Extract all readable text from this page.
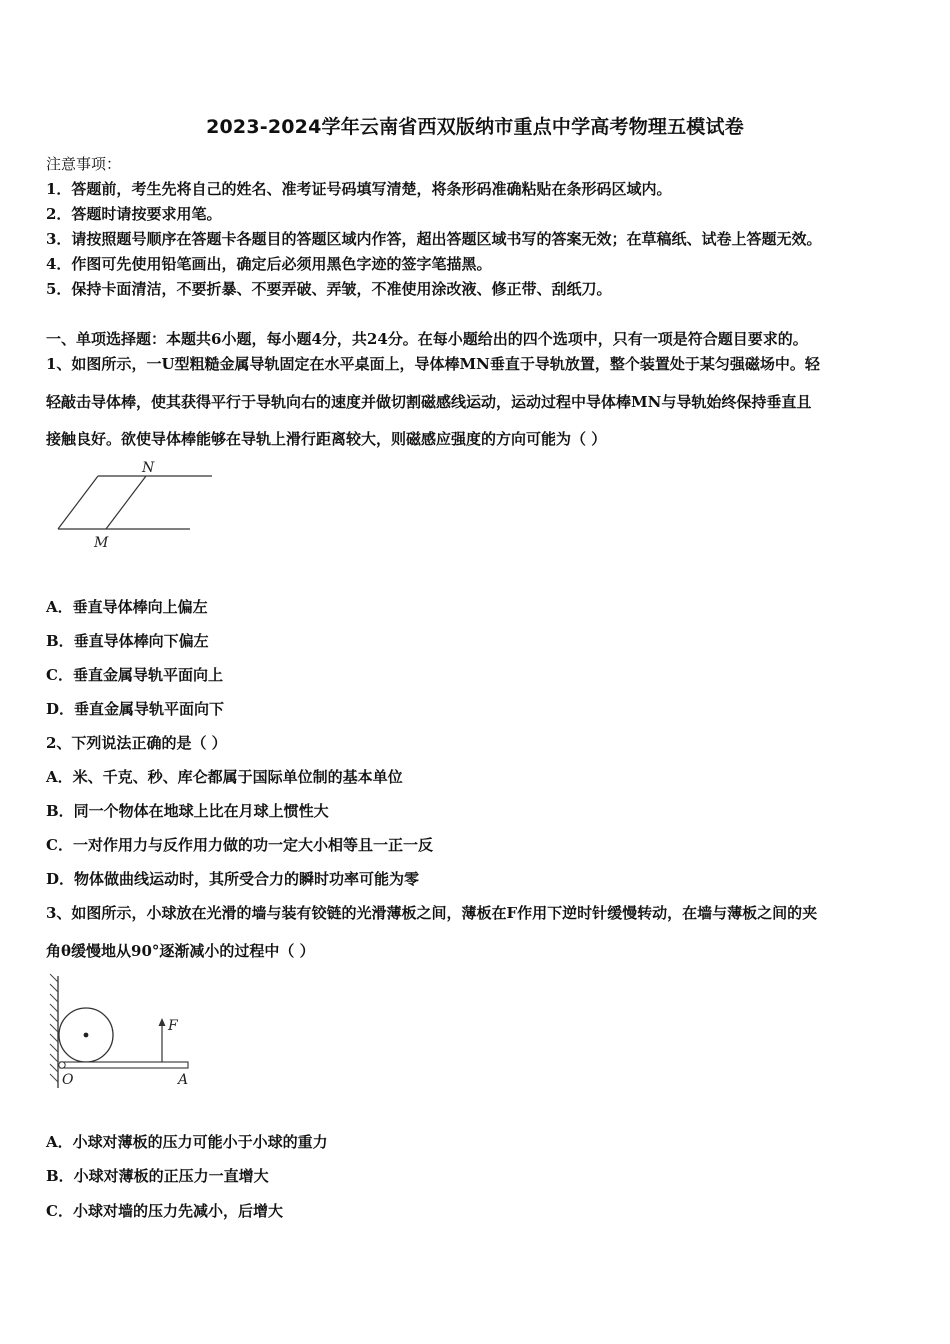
2023-2024学年云南省西双版纳市重点中学高考物理五模试卷
注意事项：
1．答题前，考生先将自己的姓名、准考证号码填写清楚，将条形码准确粘贴在条形码区域内。
2．答题时请按要求用笔。
3．请按照题号顺序在答题卡各题目的答题区域内作答，超出答题区域书写的答案无效；在草稿纸、试卷上答题无效。
4．作图可先使用铅笔画出，确定后必须用黑色字迹的签字笔描黑。
5．保持卡面清洁，不要折暴、不要弄破、弄皱，不准使用涂改液、修正带、刮纸刀。
一、单项选择题：本题共6小题，每小题4分，共24分。在每小题给出的四个选项中，只有一项是符合题目要求的。
1、如图所示，一U型粗糙金属导轨固定在水平桌面上，导体棒MN垂直于导轨放置，整个装置处于某匀强磁场中。轻
轻敲击导体棒，使其获得平行于导轨向右的速度并做切割磁感线运动，运动过程中导体棒MN与导轨始终保持垂直且
接触良好。欲使导体棒能够在导轨上滑行距离较大，则磁感应强度的方向可能为（ ）
N
M
A．垂直导体棒向上偏左
B．垂直导体棒向下偏左
C．垂直金属导轨平面向上
D．垂直金属导轨平面向下
2、下列说法正确的是（ ）
A．米、千克、秒、库仑都属于国际单位制的基本单位
B．同一个物体在地球上比在月球上惯性大
C．一对作用力与反作用力做的功一定大小相等且一正一反
D．物体做曲线运动时，其所受合力的瞬时功率可能为零
3、如图所示，小球放在光滑的墙与装有铰链的光滑薄板之间，薄板在F作用下逆时针缓慢转动，在墙与薄板之间的夹
角θ缓慢地从90°逐渐减小的过程中（ ）
F
O	A
A．小球对薄板的压力可能小于小球的重力
B．小球对薄板的正压力一直增大
C．小球对墙的压力先减小，后增大
